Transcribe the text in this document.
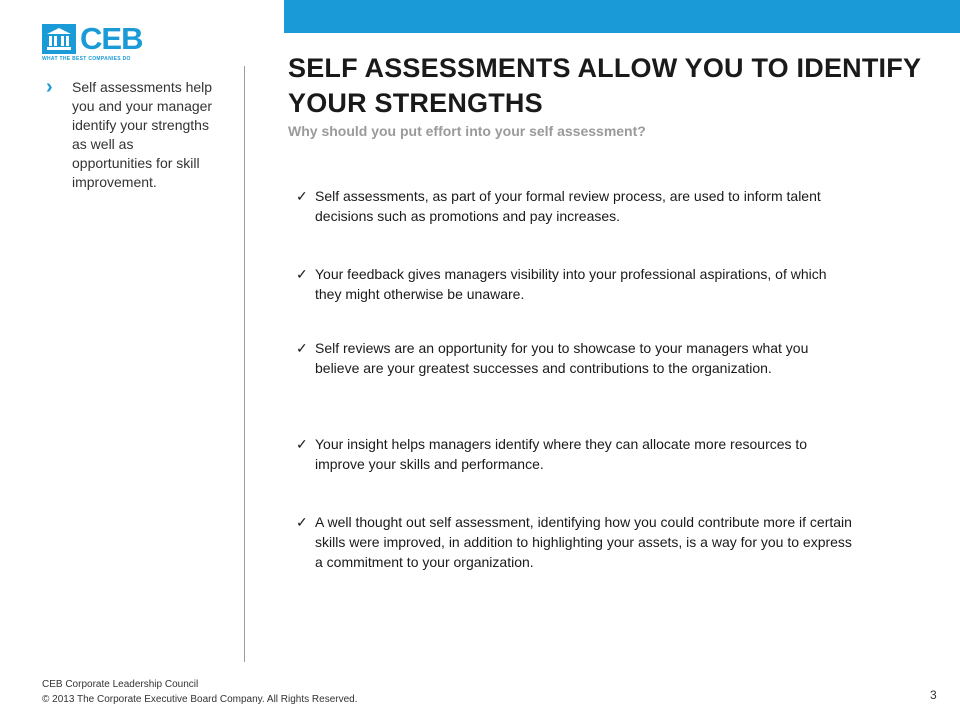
CEB
WHAT THE BEST COMPANIES DO
› Self assessments help you and your manager identify your strengths as well as opportunities for skill improvement.
SELF ASSESSMENTS ALLOW YOU TO IDENTIFY YOUR STRENGTHS
Why should you put effort into your self assessment?
✓ Self assessments, as part of your formal review process, are used to inform talent decisions such as promotions and pay increases.
✓ Your feedback gives managers visibility into your professional aspirations, of which they might otherwise be unaware.
✓ Self reviews are an opportunity for you to showcase to your managers what you believe are your greatest successes and contributions to the organization.
✓ Your insight helps managers identify where they can allocate more resources to improve your skills and performance.
✓ A well thought out self assessment, identifying how you could contribute more if certain skills were improved, in addition to highlighting your assets, is a way for you to express a commitment to your organization.
CEB Corporate Leadership Council
© 2013 The Corporate Executive Board Company. All Rights Reserved.	3
